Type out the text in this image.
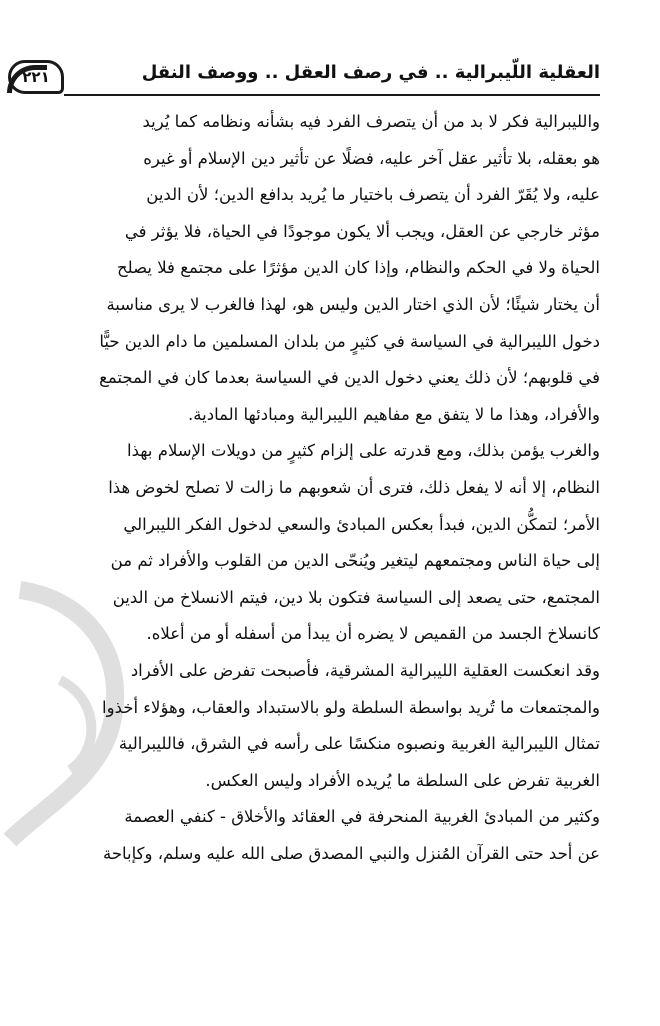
٢٢١	العقلية اللّيبرالية .. في رصف العقل .. ووصف النقل

والليبرالية فكر لا بد من أن يتصرف الفرد فيه بشأنه ونظامه كما يُريد
هو بعقله، بلا تأثير عقل آخر عليه، فضلًا عن تأثير دين الإسلام أو غيره
عليه، ولا يُقَرّ الفرد أن يتصرف باختيار ما يُريد بدافع الدين؛ لأن الدين
مؤثر خارجي عن العقل، ويجب ألا يكون موجودًا في الحياة، فلا يؤثر في
الحياة ولا في الحكم والنظام، وإذا كان الدين مؤثرًا على مجتمع فلا يصلح
أن يختار شيئًا؛ لأن الذي اختار الدين وليس هو، لهذا فالغرب لا يرى مناسبة
دخول الليبرالية في السياسة في كثيرٍ من بلدان المسلمين ما دام الدين حيًّا
في قلوبهم؛ لأن ذلك يعني دخول الدين في السياسة بعدما كان في المجتمع
والأفراد، وهذا ما لا يتفق مع مفاهيم الليبرالية ومبادئها المادية.

والغرب يؤمن بذلك، ومع قدرته على إلزام كثيرٍ من دويلات الإسلام بهذا
النظام، إلا أنه لا يفعل ذلك، فترى أن شعوبهم ما زالت لا تصلح لخوض هذا
الأمر؛ لتمكُّن الدين، فبدأ بعكس المبادئ والسعي لدخول الفكر الليبرالي
إلى حياة الناس ومجتمعهم ليتغير ويُنحّى الدين من القلوب والأفراد ثم من
المجتمع، حتى يصعد إلى السياسة فتكون بلا دين، فيتم الانسلاخ من الدين
كانسلاخ الجسد من القميص لا يضره أن يبدأ من أسفله أو من أعلاه.

وقد انعكست العقلية الليبرالية المشرقية، فأصبحت تفرض على الأفراد
والمجتمعات ما تُريد بواسطة السلطة ولو بالاستبداد والعقاب، وهؤلاء أخذوا
تمثال الليبرالية الغربية ونصبوه منكسًا على رأسه في الشرق، فالليبرالية
الغربية تفرض على السلطة ما يُريده الأفراد وليس العكس.

وكثير من المبادئ الغربية المنحرفة في العقائد والأخلاق - كنفي العصمة
عن أحد حتى القرآن المُنزل والنبي المصدق صلى الله عليه وسلم، وكإباحة
